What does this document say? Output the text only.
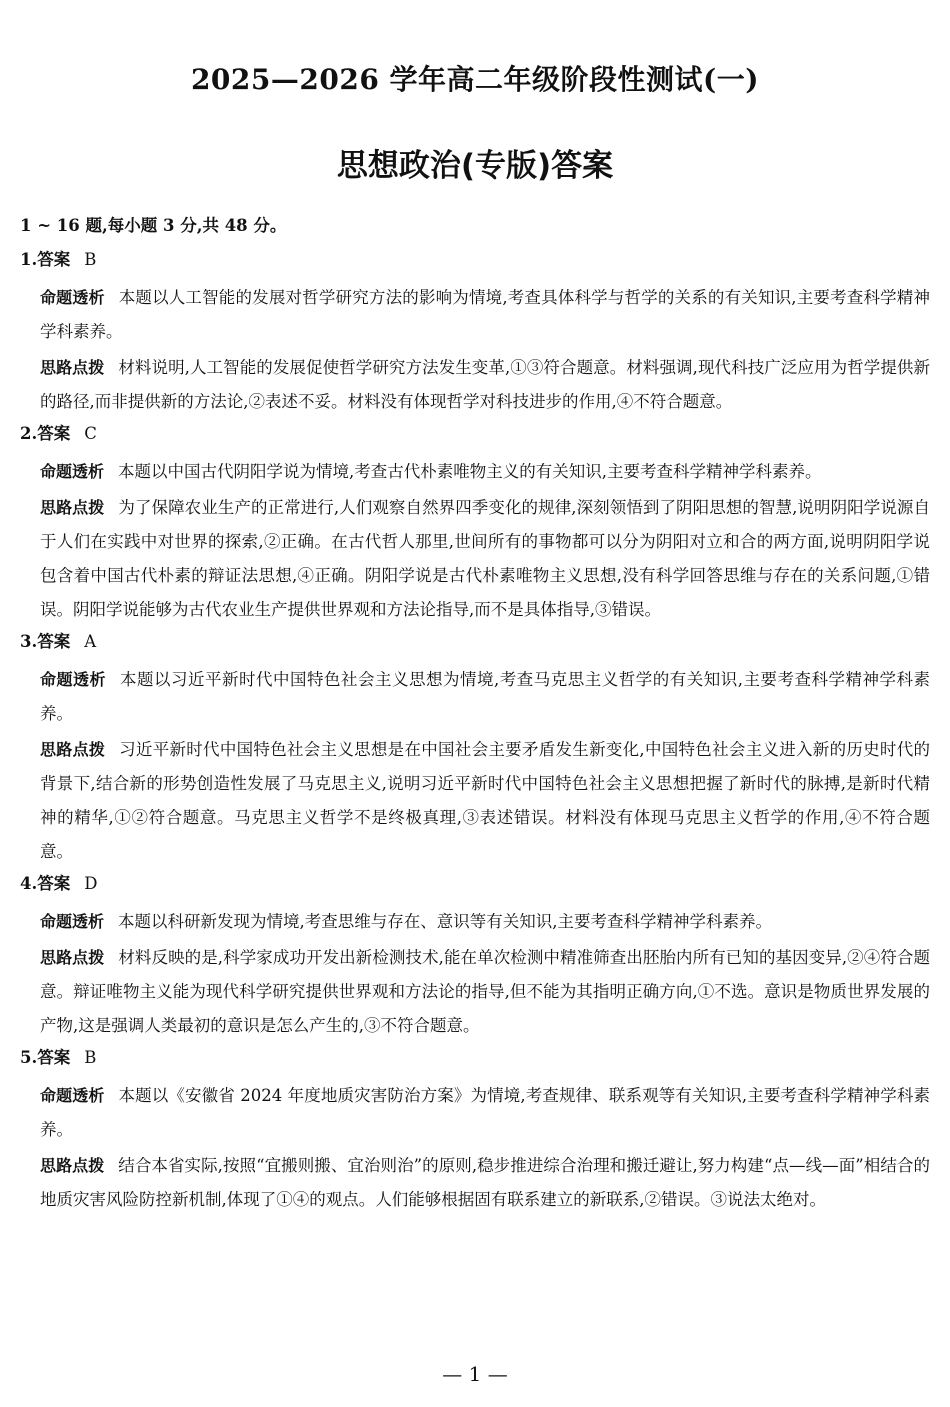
2025—2026 学年高二年级阶段性测试(一)
思想政治(专版)答案
1 ~ 16 题,每小题 3 分,共 48 分。
1.答案 B

命题透析 本题以人工智能的发展对哲学研究方法的影响为情境,考查具体科学与哲学的关系的有关知识,主要考查科学精神学科素养。

思路点拨 材料说明,人工智能的发展促使哲学研究方法发生变革,①③符合题意。材料强调,现代科技广泛应用为哲学提供新的路径,而非提供新的方法论,②表述不妥。材料没有体现哲学对科技进步的作用,④不符合题意。

2.答案 C

命题透析 本题以中国古代阴阳学说为情境,考查古代朴素唯物主义的有关知识,主要考查科学精神学科素养。

思路点拨 为了保障农业生产的正常进行,人们观察自然界四季变化的规律,深刻领悟到了阴阳思想的智慧,说明阴阳学说源自于人们在实践中对世界的探索,②正确。在古代哲人那里,世间所有的事物都可以分为阴阳对立和合的两方面,说明阴阳学说包含着中国古代朴素的辩证法思想,④正确。阴阳学说是古代朴素唯物主义思想,没有科学回答思维与存在的关系问题,①错误。阴阳学说能够为古代农业生产提供世界观和方法论指导,而不是具体指导,③错误。

3.答案 A

命题透析 本题以习近平新时代中国特色社会主义思想为情境,考查马克思主义哲学的有关知识,主要考查科学精神学科素养。

思路点拨 习近平新时代中国特色社会主义思想是在中国社会主要矛盾发生新变化,中国特色社会主义进入新的历史时代的背景下,结合新的形势创造性发展了马克思主义,说明习近平新时代中国特色社会主义思想把握了新时代的脉搏,是新时代精神的精华,①②符合题意。马克思主义哲学不是终极真理,③表述错误。材料没有体现马克思主义哲学的作用,④不符合题意。

4.答案 D

命题透析 本题以科研新发现为情境,考查思维与存在、意识等有关知识,主要考查科学精神学科素养。

思路点拨 材料反映的是,科学家成功开发出新检测技术,能在单次检测中精准筛查出胚胎内所有已知的基因变异,②④符合题意。辩证唯物主义能为现代科学研究提供世界观和方法论的指导,但不能为其指明正确方向,①不选。意识是物质世界发展的产物,这是强调人类最初的意识是怎么产生的,③不符合题意。

5.答案 B

命题透析 本题以《安徽省 2024 年度地质灾害防治方案》为情境,考查规律、联系观等有关知识,主要考查科学精神学科素养。

思路点拨 结合本省实际,按照“宜搬则搬、宜治则治”的原则,稳步推进综合治理和搬迁避让,努力构建“点—线—面”相结合的地质灾害风险防控新机制,体现了①④的观点。人们能够根据固有联系建立的新联系,②错误。③说法太绝对。

— 1 —
